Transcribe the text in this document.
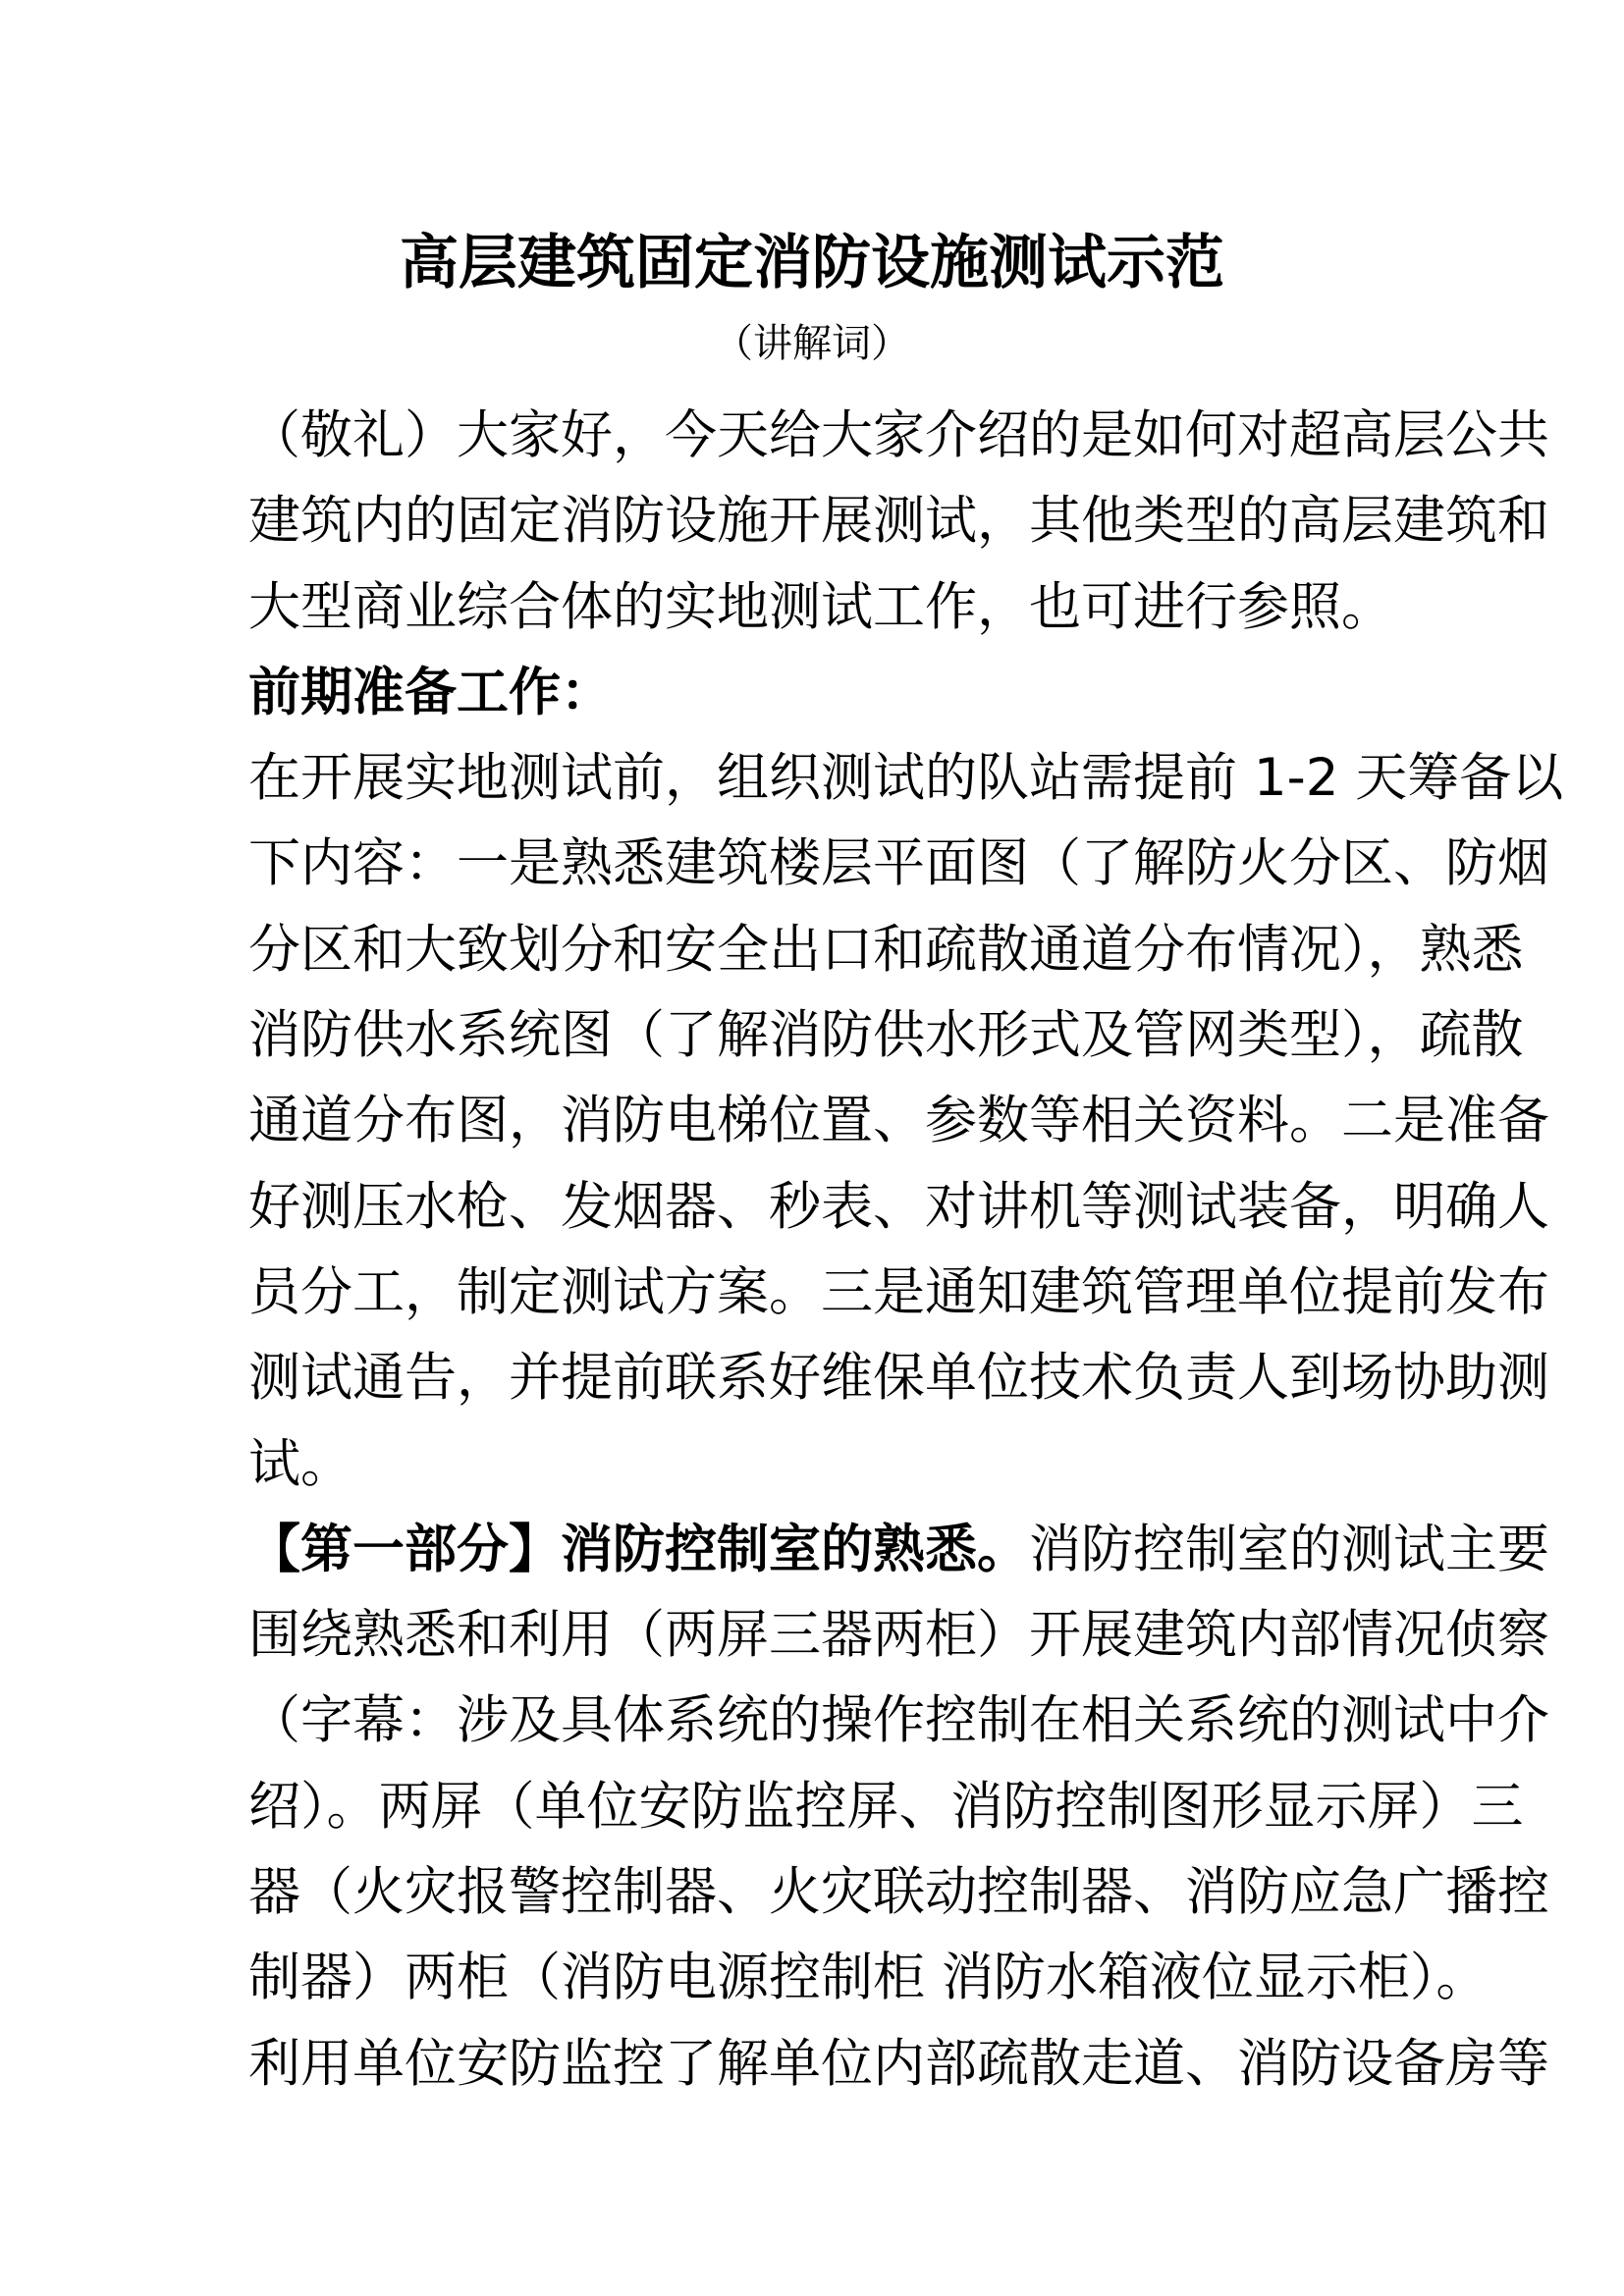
高层建筑固定消防设施测试示范
（讲解词）
（敬礼）大家好，今天给大家介绍的是如何对超高层公共
建筑内的固定消防设施开展测试，其他类型的高层建筑和
大型商业综合体的实地测试工作，也可进行参照。
前期准备工作：
在开展实地测试前，组织测试的队站需提前 1-2 天筹备以
下内容：一是熟悉建筑楼层平面图（了解防火分区、防烟
分区和大致划分和安全出口和疏散通道分布情况），熟悉
消防供水系统图（了解消防供水形式及管网类型），疏散
通道分布图，消防电梯位置、参数等相关资料。二是准备
好测压水枪、发烟器、秒表、对讲机等测试装备，明确人
员分工，制定测试方案。三是通知建筑管理单位提前发布
测试通告，并提前联系好维保单位技术负责人到场协助测
试。
【第一部分】消防控制室的熟悉。消防控制室的测试主要
围绕熟悉和利用（两屏三器两柜）开展建筑内部情况侦察
（字幕：涉及具体系统的操作控制在相关系统的测试中介
绍）。两屏（单位安防监控屏、消防控制图形显示屏）三
器（火灾报警控制器、火灾联动控制器、消防应急广播控
制器）两柜（消防电源控制柜 消防水箱液位显示柜）。
利用单位安防监控了解单位内部疏散走道、消防设备房等
